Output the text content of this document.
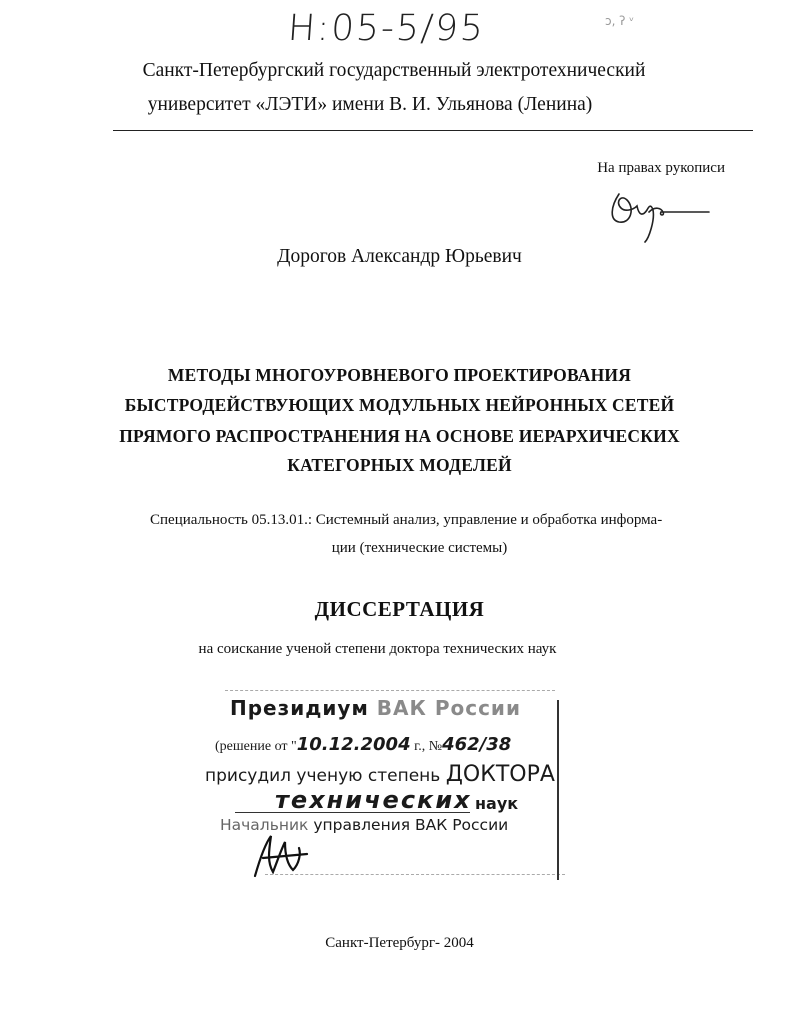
Н:05-5/95	ɔ, ʔ ᵛ
Санкт-Петербургский государственный электротехнический
университет «ЛЭТИ» имени В. И. Ульянова (Ленина)
На правах рукописи
Дорогов Александр Юрьевич
МЕТОДЫ МНОГОУРОВНЕВОГО ПРОЕКТИРОВАНИЯ
БЫСТРОДЕЙСТВУЮЩИХ МОДУЛЬНЫХ НЕЙРОННЫХ СЕТЕЙ
ПРЯМОГО РАСПРОСТРАНЕНИЯ НА ОСНОВЕ ИЕРАРХИЧЕСКИХ
КАТЕГОРНЫХ МОДЕЛЕЙ
Специальность 05.13.01.: Системный анализ, управление и обработка информа-
ции (технические системы)
ДИССЕРТАЦИЯ
на соискание ученой степени доктора технических наук
Президиум ВАК России
(решение от "10.12.2004 г., №462/38
присудил ученую степень ДОКТОРА
технических наук
Начальник управления ВАК России
Санкт-Петербург- 2004
